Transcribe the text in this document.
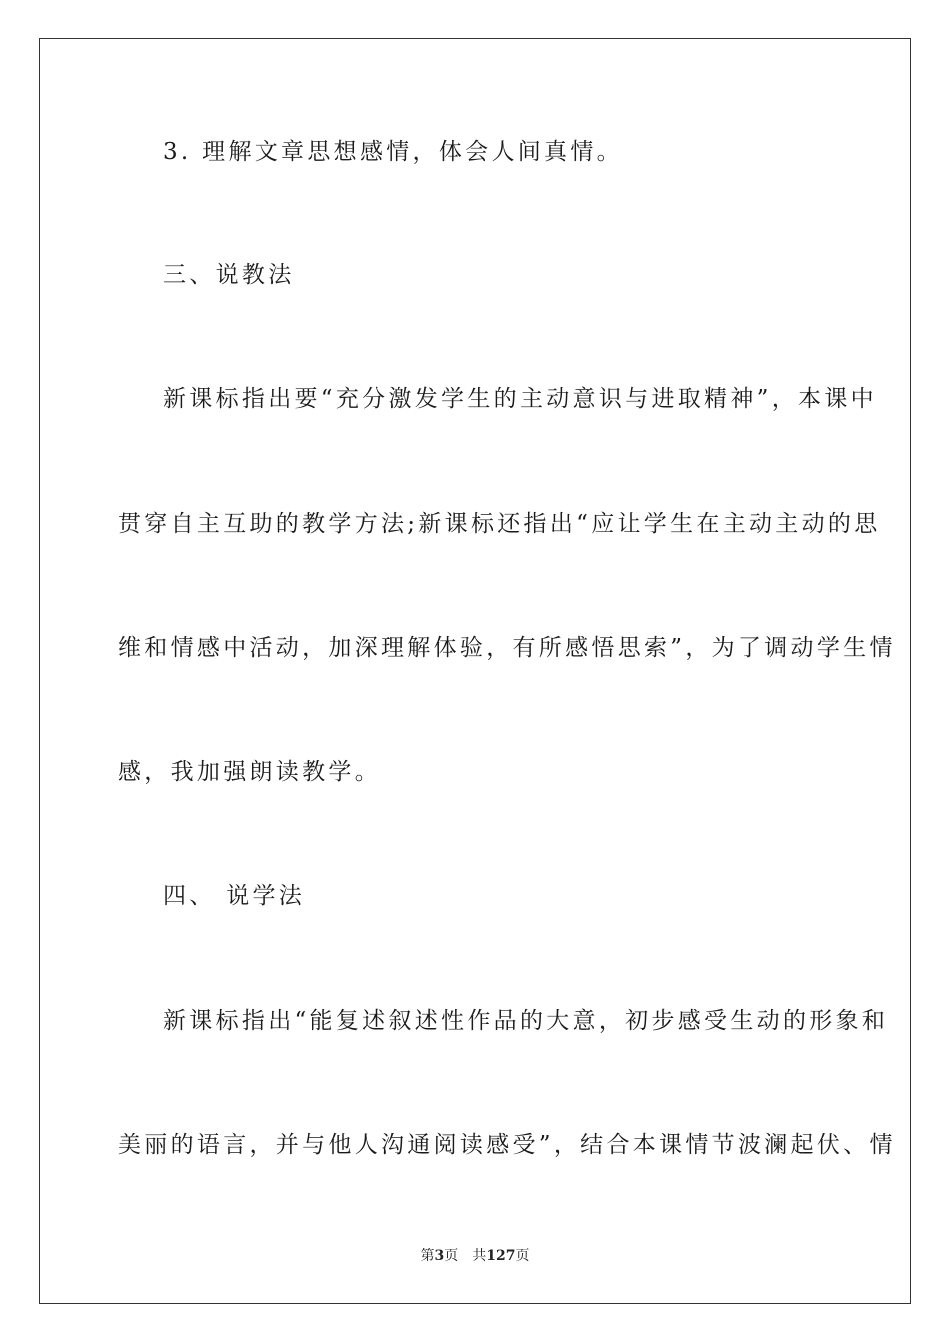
3. 理解文章思想感情，体会人间真情。
三、说教法
新课标指出要“充分激发学生的主动意识与进取精神”，本课中
贯穿自主互助的教学方法;新课标还指出“应让学生在主动主动的思
维和情感中活动，加深理解体验，有所感悟思索”，为了调动学生情
感，我加强朗读教学。
四、 说学法
新课标指出“能复述叙述性作品的大意，初步感受生动的形象和
美丽的语言，并与他人沟通阅读感受”，结合本课情节波澜起伏、情
第3页 共127页
